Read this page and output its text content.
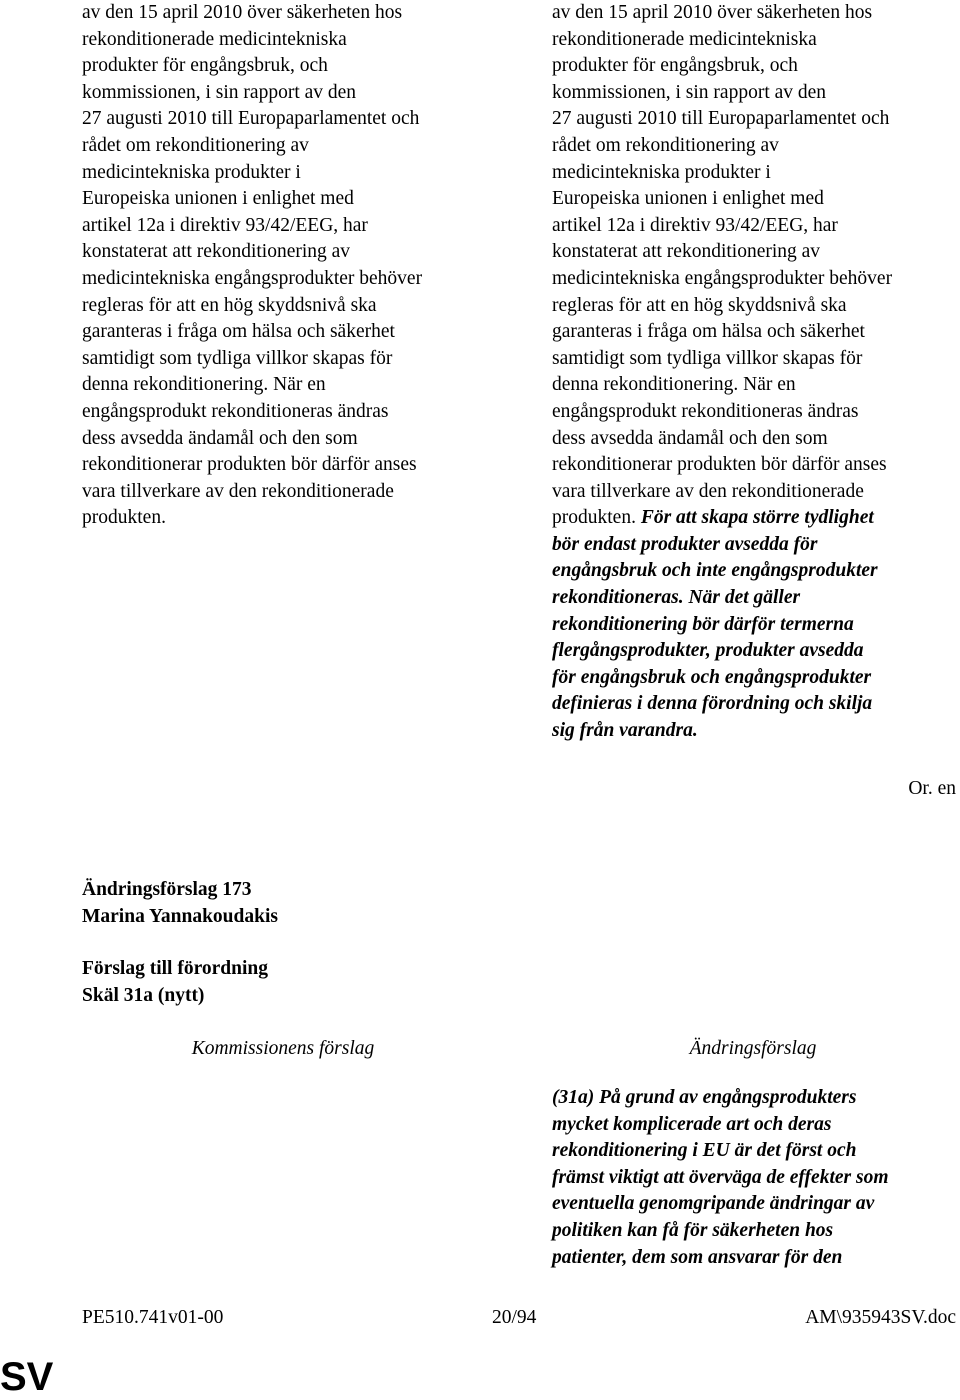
av den 15 april 2010 över säkerheten hos

rekonditionerade medicintekniska

produkter för engångsbruk, och

kommissionen, i sin rapport av den

27 augusti 2010 till Europaparlamentet och

rådet om rekonditionering av

medicintekniska produkter i

Europeiska unionen i enlighet med

artikel 12a i direktiv 93/42/EEG, har

konstaterat att rekonditionering av

medicintekniska engångsprodukter behöver

regleras för att en hög skyddsnivå ska

garanteras i fråga om hälsa och säkerhet

samtidigt som tydliga villkor skapas för

denna rekonditionering. När en

engångsprodukt rekonditioneras ändras

dess avsedda ändamål och den som

rekonditionerar produkten bör därför anses

vara tillverkare av den rekonditionerade

produkten.

av den 15 april 2010 över säkerheten hos

rekonditionerade medicintekniska

produkter för engångsbruk, och

kommissionen, i sin rapport av den

27 augusti 2010 till Europaparlamentet och

rådet om rekonditionering av

medicintekniska produkter i

Europeiska unionen i enlighet med

artikel 12a i direktiv 93/42/EEG, har

konstaterat att rekonditionering av

medicintekniska engångsprodukter behöver

regleras för att en hög skyddsnivå ska

garanteras i fråga om hälsa och säkerhet

samtidigt som tydliga villkor skapas för

denna rekonditionering. När en

engångsprodukt rekonditioneras ändras

dess avsedda ändamål och den som

rekonditionerar produkten bör därför anses

vara tillverkare av den rekonditionerade

produkten. För att skapa större tydlighet

bör endast produkter avsedda för

engångsbruk och inte engångsprodukter

rekonditioneras. När det gäller

rekonditionering bör därför termerna

flergångsprodukter, produkter avsedda

för engångsbruk och engångsprodukter

definieras i denna förordning och skilja

sig från varandra.

Or. en
Ändringsförslag 173
Marina Yannakoudakis
Förslag till förordning
Skäl 31a (nytt)
Kommissionens förslag	Ändringsförslag
(31a) På grund av engångsprodukters
mycket komplicerade art och deras
rekonditionering i EU är det först och
främst viktigt att överväga de effekter som
eventuella genomgripande ändringar av
politiken kan få för säkerheten hos
patienter, dem som ansvarar för den
PE510.741v01-00	20/94	AM\935943SV.doc
SV
